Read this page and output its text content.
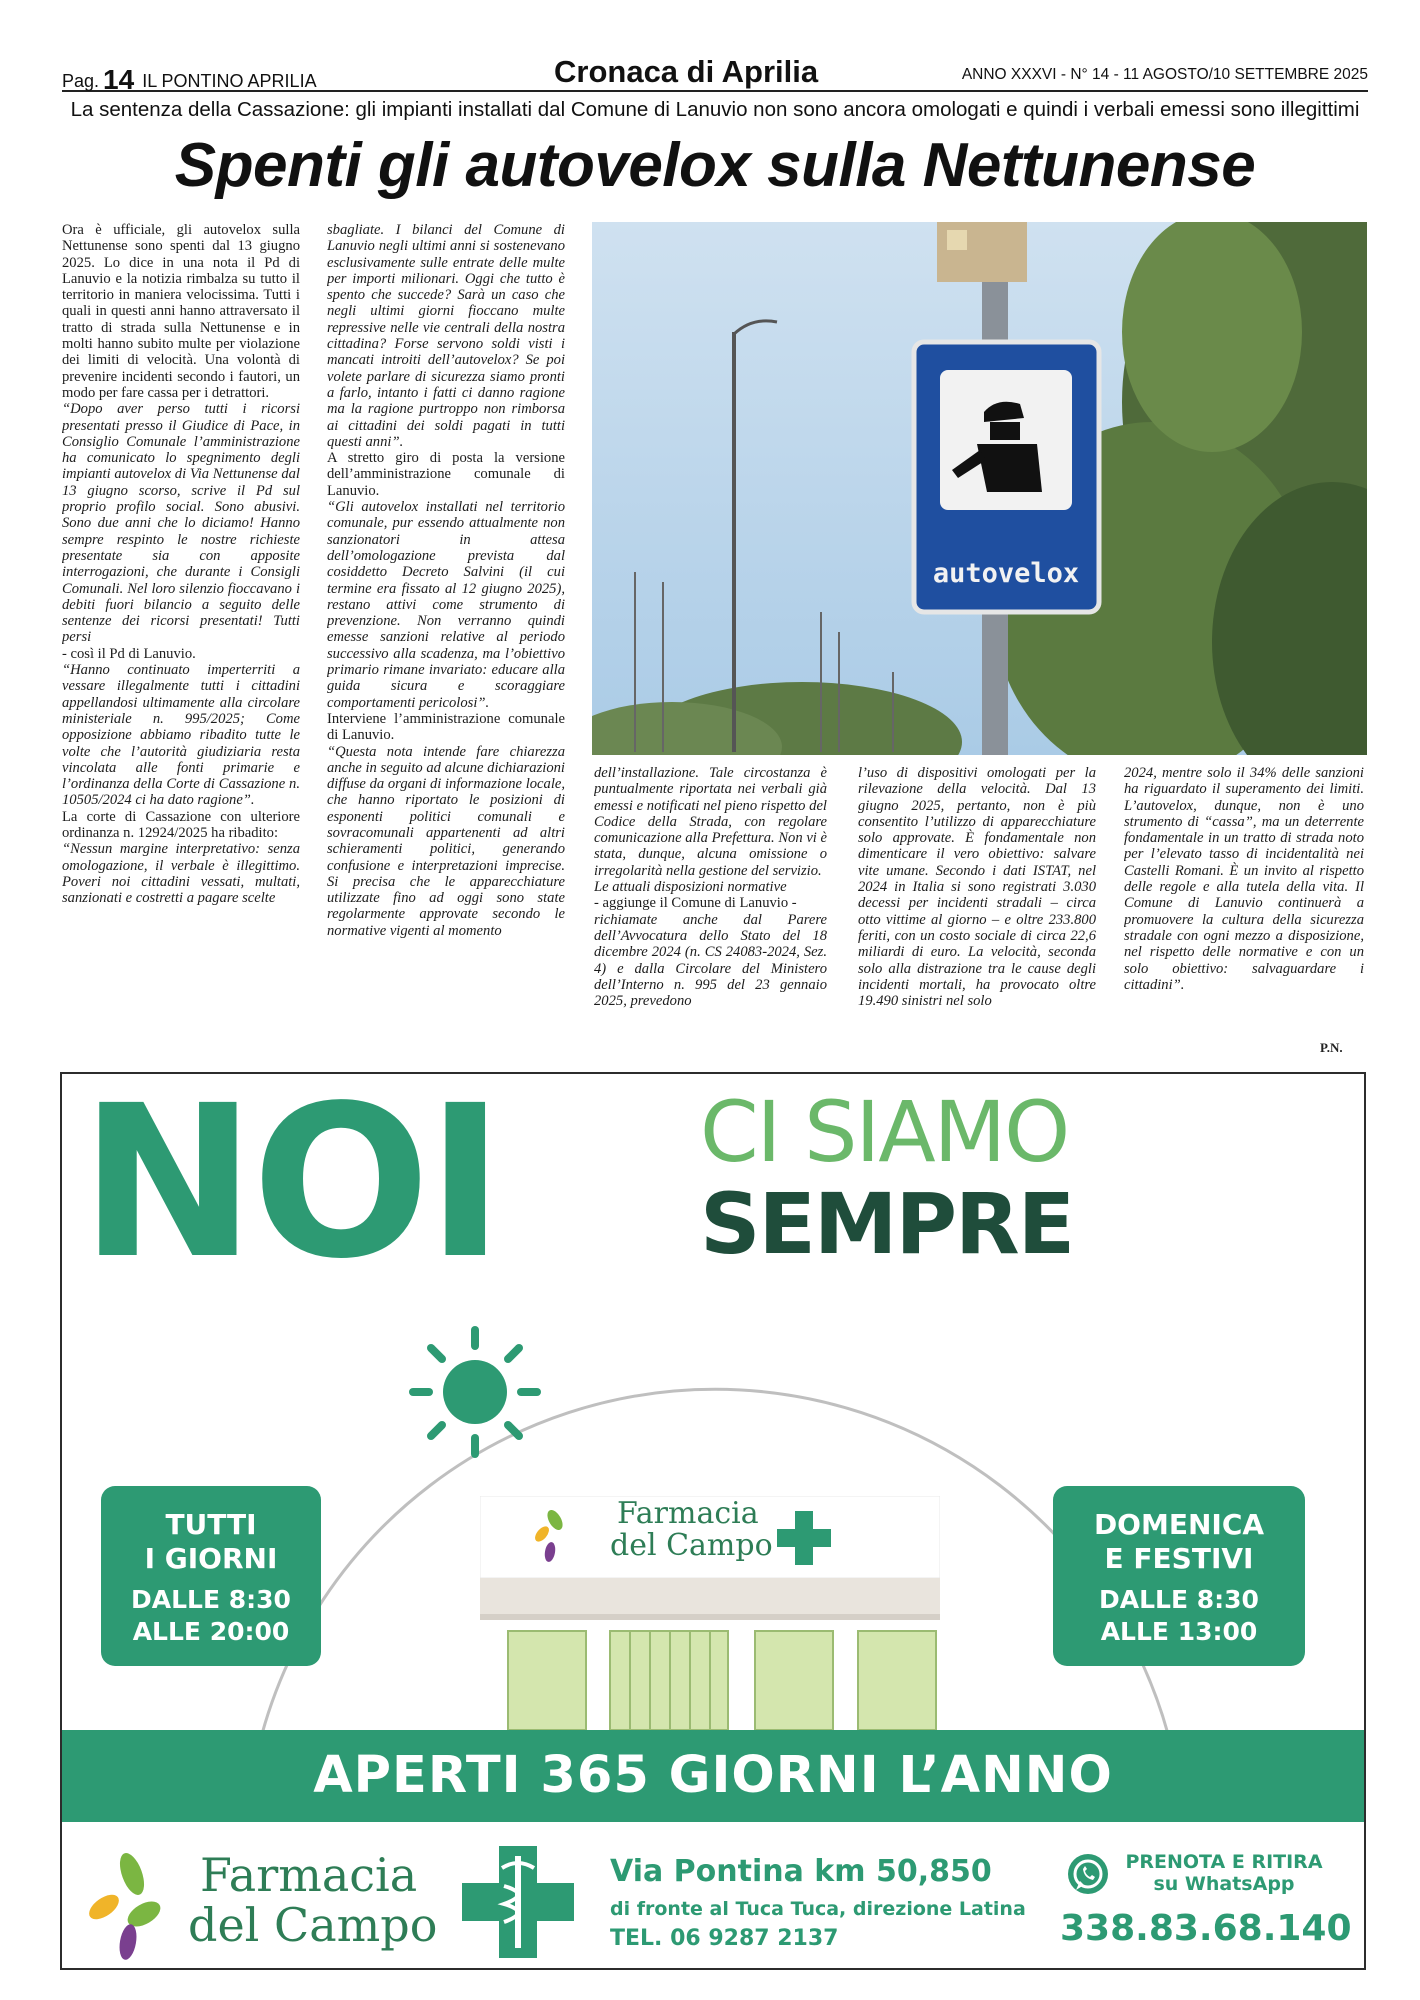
Pag. 14 IL PONTINO APRILIA	Cronaca di Aprilia	ANNO XXXVI - N° 14 - 11 AGOSTO/10 SETTEMBRE 2025
La sentenza della Cassazione: gli impianti installati dal Comune di Lanuvio non sono ancora omologati e quindi i verbali emessi sono illegittimi
Spenti gli autovelox sulla Nettunense

Ora è ufficiale, gli autovelox sulla Nettunense sono spenti dal 13 giugno 2025. Lo dice in una nota il Pd di Lanuvio e la notizia rimbalza su tutto il territorio in maniera velocissima. Tutti i quali in questi anni hanno attraversato il tratto di strada sulla Nettunense e in molti hanno subito multe per violazione dei limiti di velocità. Una volontà di prevenire incidenti secondo i fautori, un modo per fare cassa per i detrattori.

“Dopo aver perso tutti i ricorsi presentati presso il Giudice di Pace, in Consiglio Comunale l’amministrazione ha comunicato lo spegnimento degli impianti autovelox di Via Nettunense dal 13 giugno scorso, scrive il Pd sul proprio profilo social. Sono abusivi. Sono due anni che lo diciamo! Hanno sempre respinto le nostre richieste presentate sia con apposite interrogazioni, che durante i Consigli Comunali. Nel loro silenzio fioccavano i debiti fuori bilancio a seguito delle sentenze dei ricorsi presentati! Tutti persi

- così il Pd di Lanuvio.

“Hanno continuato imperterriti a vessare illegalmente tutti i cittadini appellandosi ultimamente alla circolare ministeriale n. 995/2025; Come opposizione abbiamo ribadito tutte le volte che l’autorità giudiziaria resta vincolata alle fonti primarie e l’ordinanza della Corte di Cassazione n. 10505/2024 ci ha dato ragione”.

La corte di Cassazione con ulteriore ordinanza n. 12924/2025 ha ribadito:

“Nessun margine interpretativo: senza omologazione, il verbale è illegittimo. Poveri noi cittadini vessati, multati, sanzionati e costretti a pagare scelte

sbagliate. I bilanci del Comune di Lanuvio negli ultimi anni si sostenevano esclusivamente sulle entrate delle multe per importi milionari. Oggi che tutto è spento che succede? Sarà un caso che negli ultimi giorni fioccano multe repressive nelle vie centrali della nostra cittadina? Forse servono soldi visti i mancati introiti dell’autovelox? Se poi volete parlare di sicurezza siamo pronti a farlo, intanto i fatti ci danno ragione ma la ragione purtroppo non rimborsa ai cittadini dei soldi pagati in tutti questi anni”.

A stretto giro di posta la versione dell’amministrazione comunale di Lanuvio.

“Gli autovelox installati nel territorio comunale, pur essendo attualmente non sanzionatori in attesa dell’omologazione prevista dal cosiddetto Decreto Salvini (il cui termine era fissato al 12 giugno 2025), restano attivi come strumento di prevenzione. Non verranno quindi emesse sanzioni relative al periodo successivo alla scadenza, ma l’obiettivo primario rimane invariato: educare alla guida sicura e scoraggiare comportamenti pericolosi”.

Interviene l’amministrazione comunale di Lanuvio.

“Questa nota intende fare chiarezza anche in seguito ad alcune dichiarazioni diffuse da organi di informazione locale, che hanno riportato le posizioni di esponenti politici comunali e sovracomunali appartenenti ad altri schieramenti politici, generando confusione e interpretazioni imprecise. Si precisa che le apparecchiature utilizzate fino ad oggi sono state regolarmente approvate secondo le normative vigenti al momento

dell’installazione. Tale circostanza è puntualmente riportata nei verbali già emessi e notificati nel pieno rispetto del Codice della Strada, con regolare comunicazione alla Prefettura. Non vi è stata, dunque, alcuna omissione o irregolarità nella gestione del servizio.

Le attuali disposizioni normative

- aggiunge il Comune di Lanuvio -

richiamate anche dal Parere dell’Avvocatura dello Stato del 18 dicembre 2024 (n. CS 24083-2024, Sez. 4) e dalla Circolare del Ministero dell’Interno n. 995 del 23 gennaio 2025, prevedono

l’uso di dispositivi omologati per la rilevazione della velocità. Dal 13 giugno 2025, pertanto, non è più consentito l’utilizzo di apparecchiature solo approvate. È fondamentale non dimenticare il vero obiettivo: salvare vite umane. Secondo i dati ISTAT, nel 2024 in Italia si sono registrati 3.030 decessi per incidenti stradali – circa otto vittime al giorno – e oltre 233.800 feriti, con un costo sociale di circa 22,6 miliardi di euro. La velocità, seconda solo alla distrazione tra le cause degli incidenti mortali, ha provocato oltre 19.490 sinistri nel solo

2024, mentre solo il 34% delle sanzioni ha riguardato il superamento dei limiti. L’autovelox, dunque, non è uno strumento di “cassa”, ma un deterrente fondamentale in un tratto di strada noto per l’elevato tasso di incidentalità nei Castelli Romani. È un invito al rispetto delle regole e alla tutela della vita. Il Comune di Lanuvio continuerà a promuovere la cultura della sicurezza stradale con ogni mezzo a disposizione, nel rispetto delle normative e con un solo obiettivo: salvaguardare i cittadini”.

P.N.
autovelox
NOI CI SIAMO
SEMPRE
TUTTI
I GIORNI
DALLE 8:30
ALLE 20:00
DOMENICA
E FESTIVI
DALLE 8:30
ALLE 13:00
Farmacia
del Campo
APERTI 365 GIORNI L’ANNO
Farmacia
del Campo
Via Pontina km 50,850
di fronte al Tuca Tuca, direzione Latina
TEL. 06 9287 2137
PRENOTA E RITIRA
su WhatsApp
338.83.68.140
